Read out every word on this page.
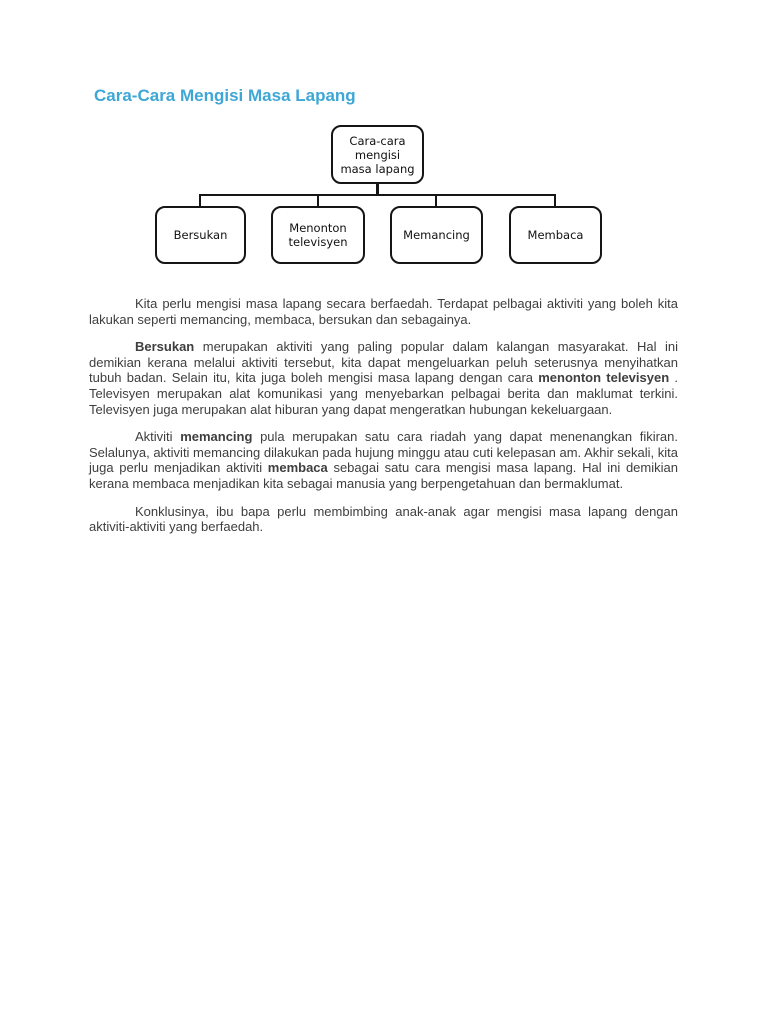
Cara-Cara Mengisi Masa Lapang
Cara-cara mengisi masa lapang
Bersukan	Menonton televisyen	Memancing	Membaca

Kita perlu mengisi masa lapang secara berfaedah. Terdapat pelbagai aktiviti yang boleh kita lakukan seperti memancing, membaca, bersukan dan sebagainya.

Bersukan merupakan aktiviti yang paling popular dalam kalangan masyarakat. Hal ini demikian kerana melalui aktiviti tersebut, kita dapat mengeluarkan peluh seterusnya menyihatkan tubuh badan. Selain itu, kita juga boleh mengisi masa lapang dengan cara menonton televisyen . Televisyen merupakan alat komunikasi yang menyebarkan pelbagai berita dan maklumat terkini. Televisyen juga merupakan alat hiburan yang dapat mengeratkan hubungan kekeluargaan.

Aktiviti memancing pula merupakan satu cara riadah yang dapat menenangkan fikiran. Selalunya, aktiviti memancing dilakukan pada hujung minggu atau cuti kelepasan am. Akhir sekali, kita juga perlu menjadikan aktiviti membaca sebagai satu cara mengisi masa lapang. Hal ini demikian kerana membaca menjadikan kita sebagai manusia yang berpengetahuan dan bermaklumat.

Konklusinya, ibu bapa perlu membimbing anak-anak agar mengisi masa lapang dengan aktiviti-aktiviti yang berfaedah.
